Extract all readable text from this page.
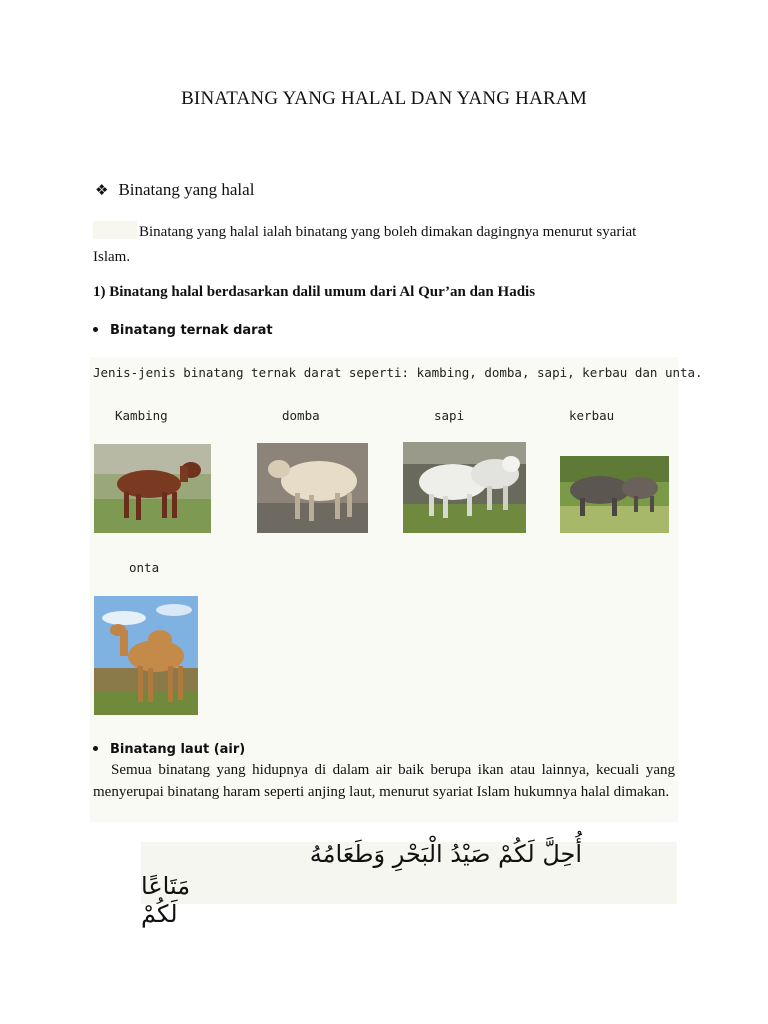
BINATANG YANG HALAL DAN YANG HARAM
❖ Binatang yang halal
Binatang yang halal ialah binatang yang boleh dimakan dagingnya menurut syariat Islam.
1) Binatang halal berdasarkan dalil umum dari Al Qur’an dan Hadis
Binatang ternak darat
Jenis-jenis binatang ternak darat seperti: kambing, domba, sapi, kerbau dan unta.
Kambing	domba	sapi	kerbau
onta
Binatang laut (air)
Semua binatang yang hidupnya di dalam air baik berupa ikan atau lainnya, kecuali yang menyerupai binatang haram seperti anjing laut, menurut syariat Islam hukumnya halal dimakan.
أُحِلَّ لَكُمْ صَيْدُ الْبَحْرِ وَطَعَامُهُ
مَتَاعًا لَكُمْ
